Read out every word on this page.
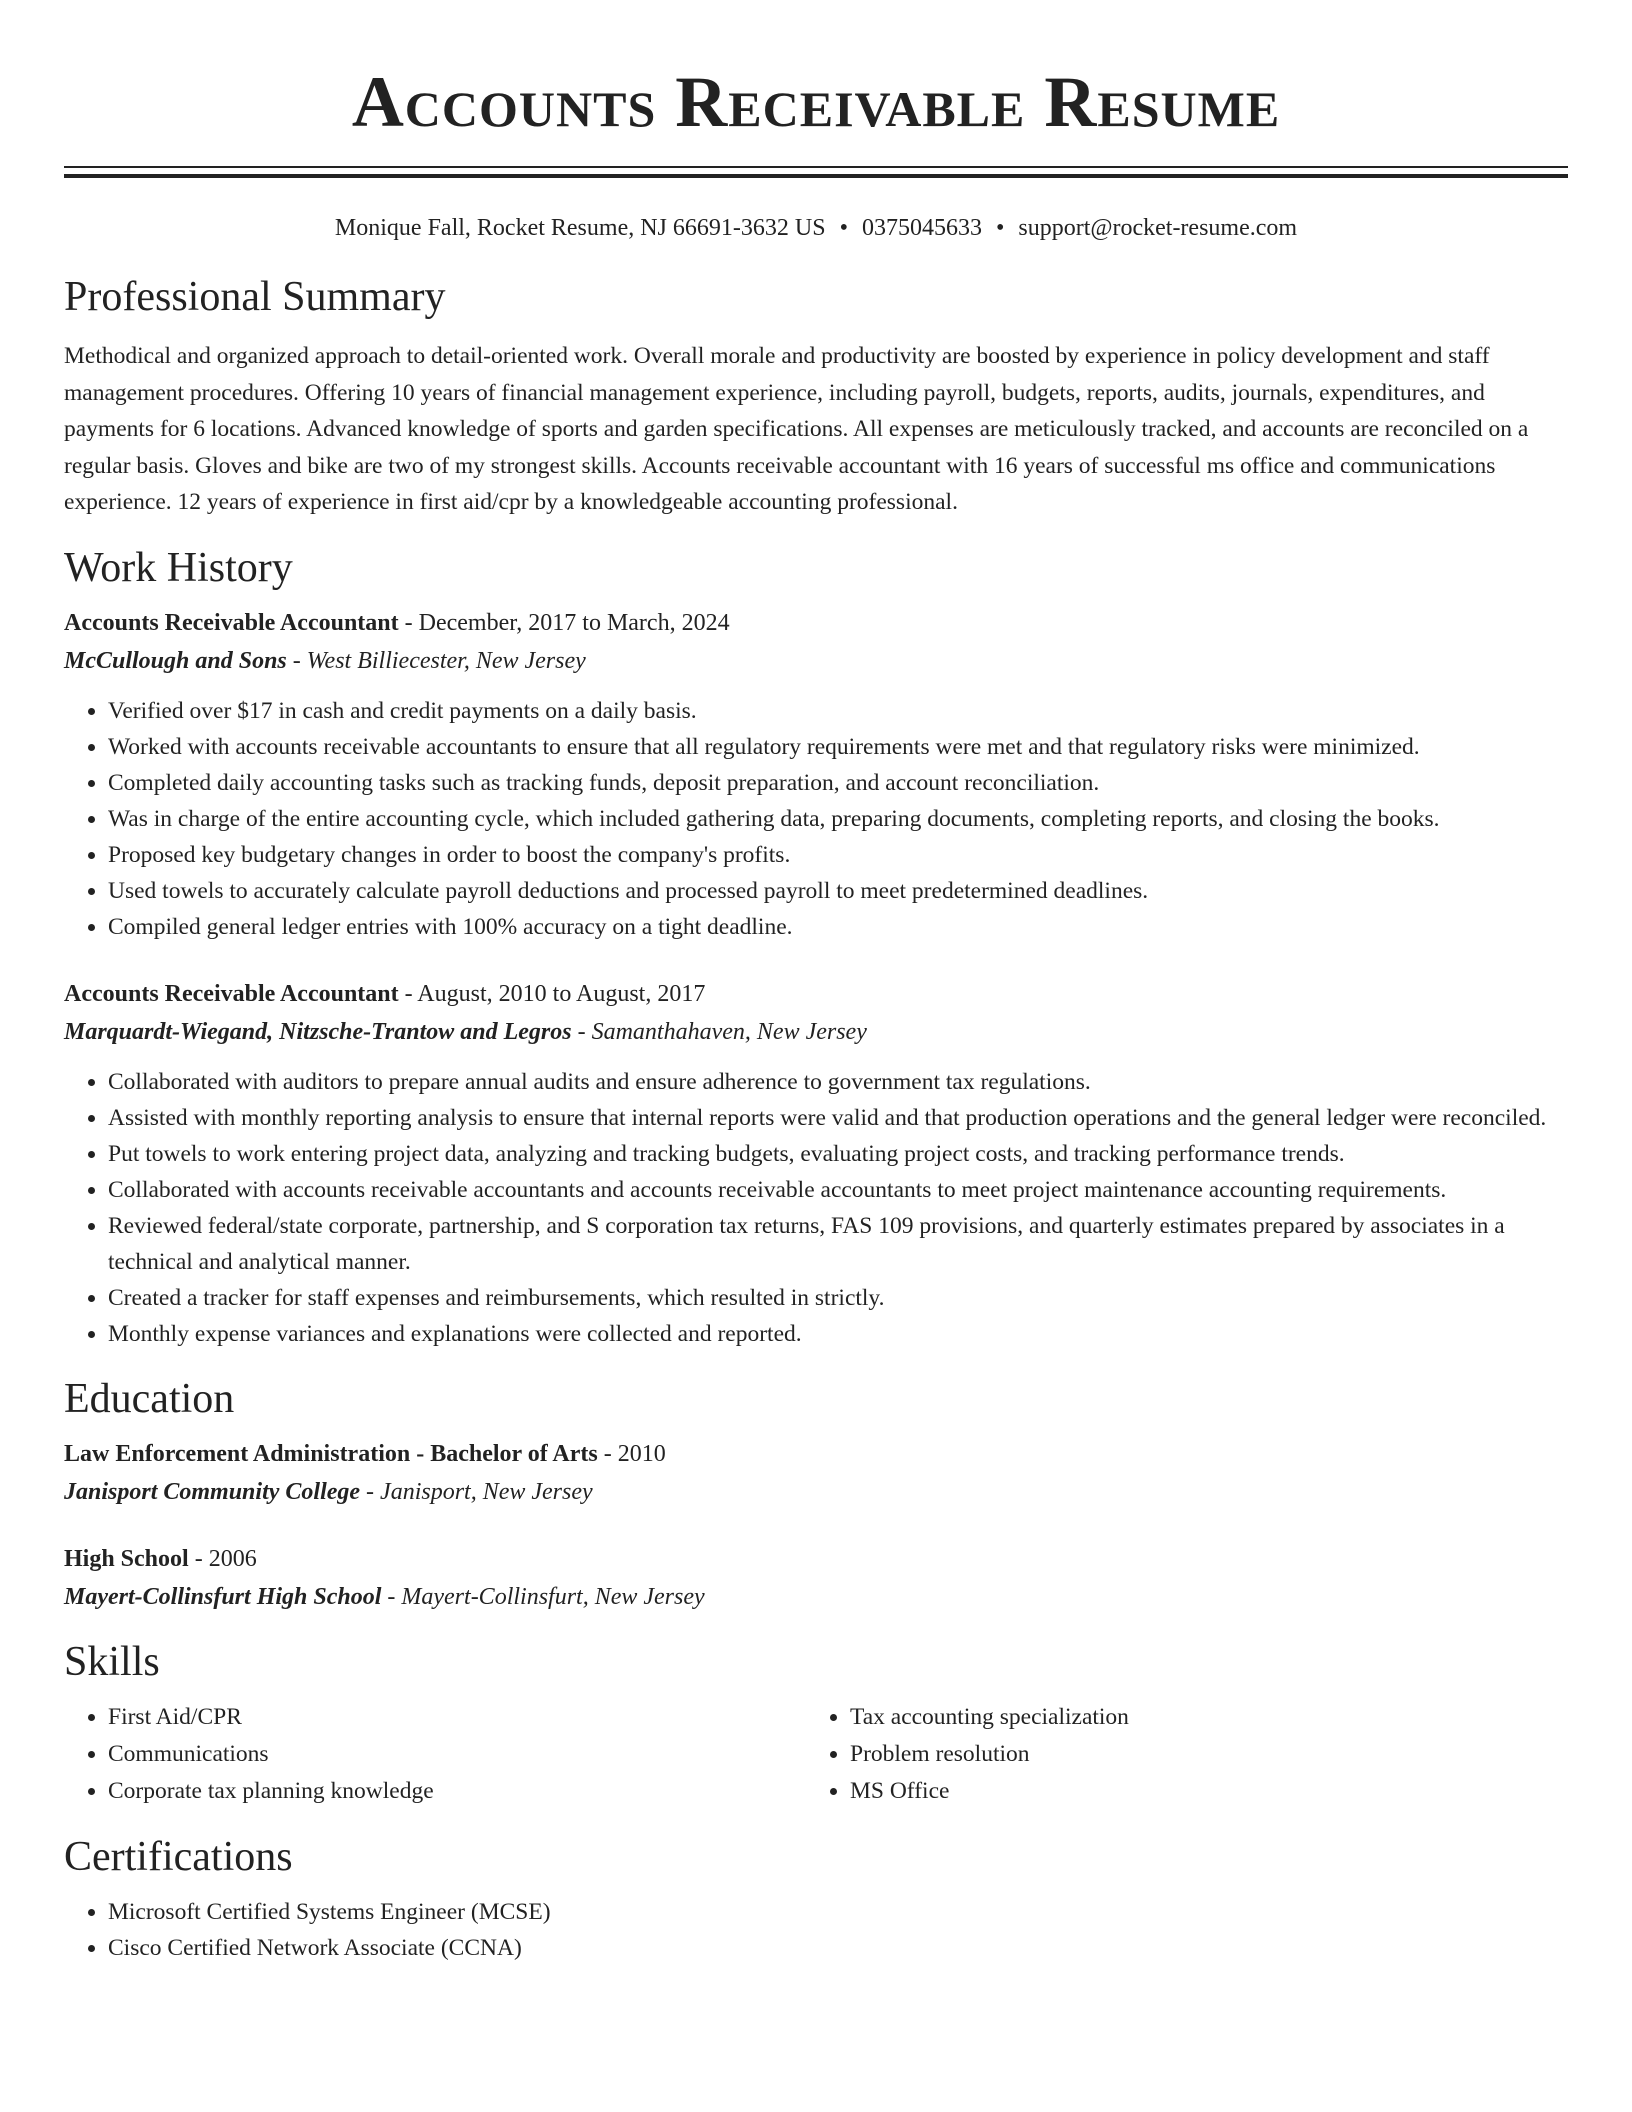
Accounts Receivable Resume
Monique Fall, Rocket Resume, NJ 66691-3632 US • 0375045633 • support@rocket-resume.com
Professional Summary

Methodical and organized approach to detail-oriented work. Overall morale and productivity are boosted by experience in policy development and staff management procedures. Offering 10 years of financial management experience, including payroll, budgets, reports, audits, journals, expenditures, and payments for 6 locations. Advanced knowledge of sports and garden specifications. All expenses are meticulously tracked, and accounts are reconciled on a regular basis. Gloves and bike are two of my strongest skills. Accounts receivable accountant with 16 years of successful ms office and communications experience. 12 years of experience in first aid/cpr by a knowledgeable accounting professional.

Work History

Accounts Receivable Accountant - December, 2017 to March, 2024

McCullough and Sons - West Billiecester, New Jersey

• Verified over $17 in cash and credit payments on a daily basis.
• Worked with accounts receivable accountants to ensure that all regulatory requirements were met and that regulatory risks were minimized.
• Completed daily accounting tasks such as tracking funds, deposit preparation, and account reconciliation.
• Was in charge of the entire accounting cycle, which included gathering data, preparing documents, completing reports, and closing the books.
• Proposed key budgetary changes in order to boost the company's profits.
• Used towels to accurately calculate payroll deductions and processed payroll to meet predetermined deadlines.
• Compiled general ledger entries with 100% accuracy on a tight deadline.

Accounts Receivable Accountant - August, 2010 to August, 2017

Marquardt-Wiegand, Nitzsche-Trantow and Legros - Samanthahaven, New Jersey

• Collaborated with auditors to prepare annual audits and ensure adherence to government tax regulations.
• Assisted with monthly reporting analysis to ensure that internal reports were valid and that production operations and the general ledger were reconciled.
• Put towels to work entering project data, analyzing and tracking budgets, evaluating project costs, and tracking performance trends.
• Collaborated with accounts receivable accountants and accounts receivable accountants to meet project maintenance accounting requirements.
• Reviewed federal/state corporate, partnership, and S corporation tax returns, FAS 109 provisions, and quarterly estimates prepared by associates in a technical and analytical manner.
• Created a tracker for staff expenses and reimbursements, which resulted in strictly.
• Monthly expense variances and explanations were collected and reported.
Education

Law Enforcement Administration - Bachelor of Arts - 2010

Janisport Community College - Janisport, New Jersey

High School - 2006

Mayert-Collinsfurt High School - Mayert-Collinsfurt, New Jersey

Skills
• First Aid/CPR
• Communications
• Corporate tax planning knowledge
• Tax accounting specialization
• Problem resolution
• MS Office
Certifications
• Microsoft Certified Systems Engineer (MCSE)
• Cisco Certified Network Associate (CCNA)
